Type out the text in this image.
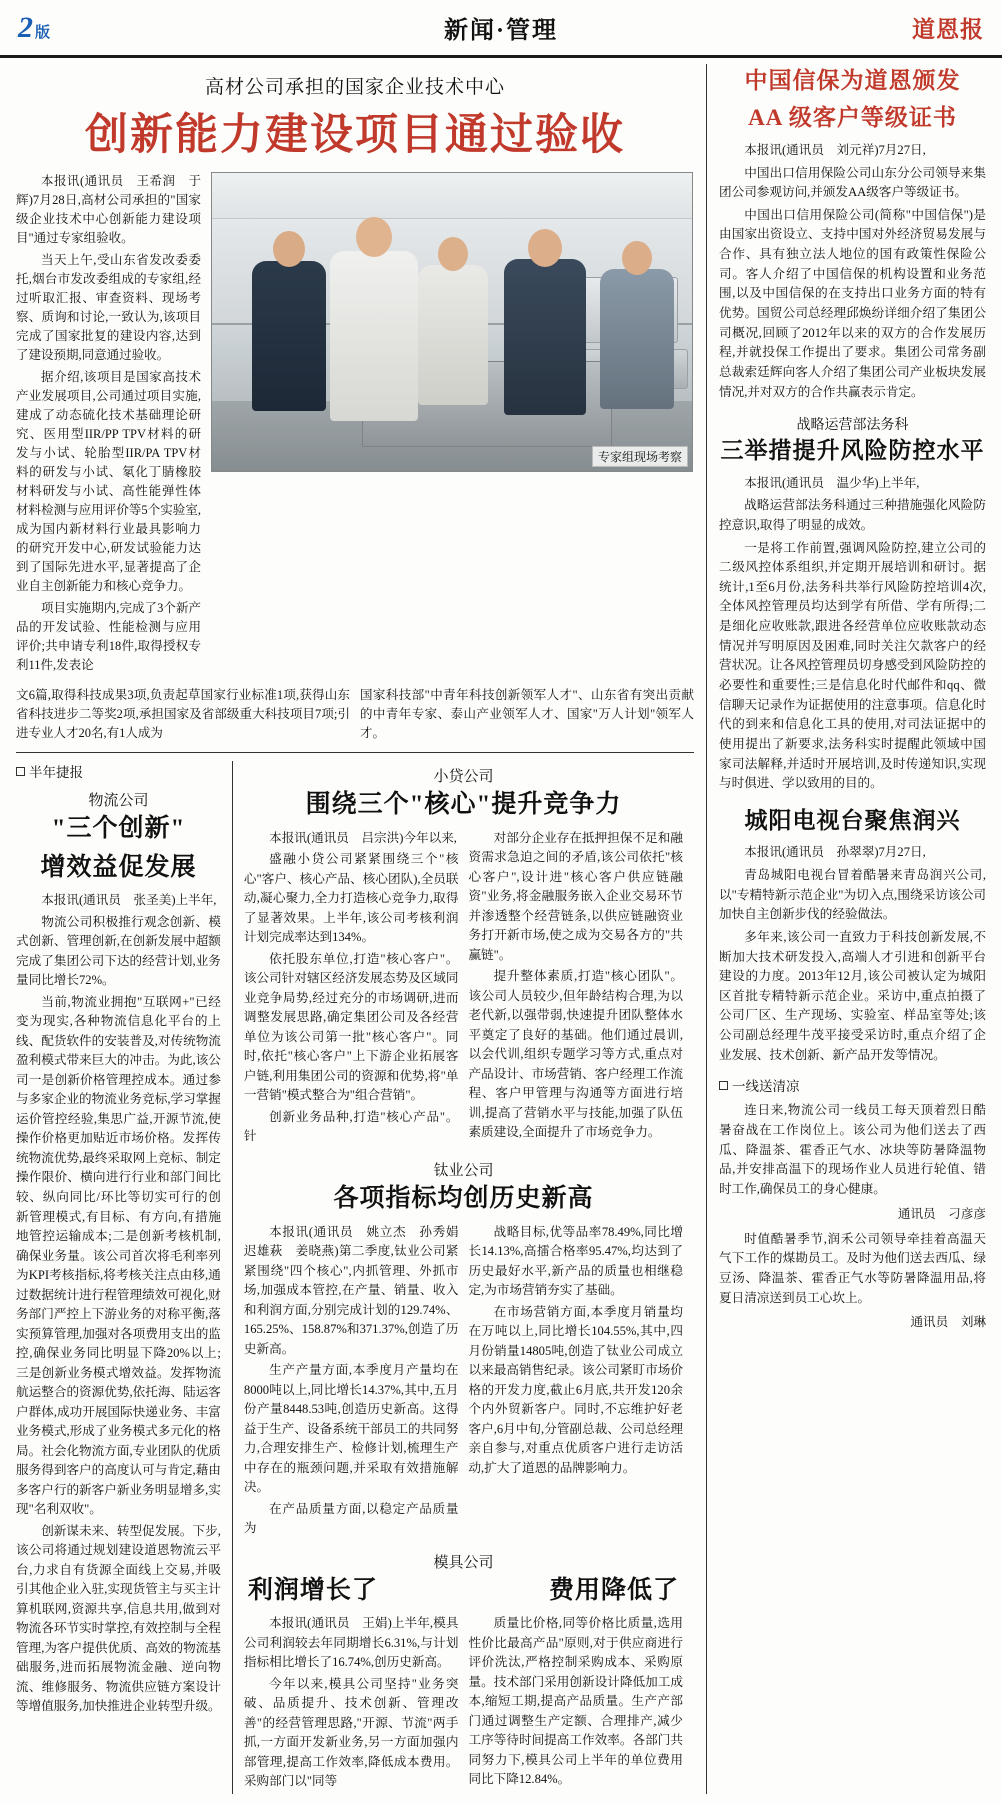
2 版	新闻·管理	道恩报
高材公司承担的国家企业技术中心
创新能力建设项目通过验收

本报讯(通讯员　王希润　于辉)7月28日,高材公司承担的"国家级企业技术中心创新能力建设项目"通过专家组验收。

当天上午,受山东省发改委委托,烟台市发改委组成的专家组,经过听取汇报、审查资料、现场考察、质询和讨论,一致认为,该项目完成了国家批复的建设内容,达到了建设预期,同意通过验收。

据介绍,该项目是国家高技术产业发展项目,公司通过项目实施,建成了动态硫化技术基础理论研究、医用型IIR/PP TPV材料的研发与小试、轮胎型IIR/PA TPV材料的研发与小试、氡化丁腈橡胶材料研发与小试、高性能弹性体材料检测与应用评价等5个实验室,成为国内新材料行业最具影响力的研究开发中心,研发试验能力达到了国际先进水平,显著提高了企业自主创新能力和核心竞争力。

项目实施期内,完成了3个新产品的开发试验、性能检测与应用评价;共申请专利18件,取得授权专利11件,发表论

专家组现场考察

文6篇,取得科技成果3项,负责起草国家行业标准1项,获得山东省科技进步二等奖2项,承担国家及省部级重大科技项目7项;引进专业人才20名,有1人成为

国家科技部"中青年科技创新领军人才"、山东省有突出贡献的中青年专家、泰山产业领军人才、国家"万人计划"领军人才。

半年捷报
物流公司
"三个创新"
增效益促发展

本报讯(通讯员　张圣美)上半年,

物流公司积极推行观念创新、模式创新、管理创新,在创新发展中超额完成了集团公司下达的经营计划,业务量同比增长72%。

当前,物流业拥抱"互联网+"已经变为现实,各种物流信息化平台的上线、配货软件的安装普及,对传统物流盈利模式带来巨大的冲击。为此,该公司一是创新价格管理控成本。通过参与多家企业的物流业务竞标,学习掌握运价管控经验,集思广益,开源节流,使操作价格更加贴近市场价格。发挥传统物流优势,最终采取网上竞标、制定操作限价、横向进行行业和部门间比较、纵向同比/环比等切实可行的创新管理模式,有目标、有方向,有措施地管控运输成本;二是创新考核机制,确保业务量。该公司首次将毛利率列为KPI考核指标,将考核关注点由移,通过数据统计进行程管理绩效可视化,财务部门严控上下游业务的对称平衡,落实预算管理,加强对各项费用支出的监控,确保业务同比明显下降20%以上;三是创新业务模式增效益。发挥物流航运整合的资源优势,依托海、陆运客户群体,成功开展国际快递业务、丰富业务模式,形成了业务模式多元化的格局。社会化物流方面,专业团队的优质服务得到客户的高度认可与肯定,藉由多客户行的新客户新业务明显增多,实现"名利双收"。

创新谋未来、转型促发展。下步,该公司将通过规划建设道恩物流云平台,力求自有货源全面线上交易,并吸引其他企业入驻,实现货管主与买主计算机联网,资源共享,信息共用,做到对物流各环节实时掌控,有效控制与全程管理,为客户提供优质、高效的物流基础服务,进而拓展物流金融、逆向物流、维修服务、物流供应链方案设计等增值服务,加快推进企业转型升级。

小贷公司
围绕三个"核心"提升竞争力

本报讯(通讯员　吕宗洪)今年以来,

盛融小贷公司紧紧围绕三个"核心"客户、核心产品、核心团队),全员联动,凝心聚力,全力打造核心竞争力,取得了显著效果。上半年,该公司考核利润计划完成率达到134%。

依托股东单位,打造"核心客户"。该公司针对辖区经济发展态势及区域同业竞争局势,经过充分的市场调研,进而调整发展思路,确定集团公司及各经营单位为该公司第一批"核心客户"。同时,依托"核心客户"上下游企业拓展客户链,利用集团公司的资源和优势,将"单一营销"模式整合为"组合营销"。

创新业务品种,打造"核心产品"。针

对部分企业存在抵押担保不足和融资需求急迫之间的矛盾,该公司依托"核心客户",设计进"核心客户供应链融资"业务,将金融服务嵌入企业交易环节并渗透整个经营链条,以供应链融资业务打开新市场,使之成为交易各方的"共赢链"。

提升整体素质,打造"核心团队"。该公司人员较少,但年龄结构合理,为以老代新,以强带弱,快速提升团队整体水平奠定了良好的基础。他们通过晨训,以会代训,组织专题学习等方式,重点对产品设计、市场营销、客户经理工作流程、客户甲管理与沟通等方面进行培训,提高了营销水平与技能,加强了队伍素质建设,全面提升了市场竞争力。

钛业公司
各项指标均创历史新高

本报讯(通讯员　姚立杰　孙秀娟　迟雄萩　姜晓燕)第二季度,钛业公司紧紧围绕"四个核心",内抓管理、外抓市场,加强成本管控,在产量、销量、收入和利润方面,分别完成计划的129.74%、165.25%、158.87%和371.37%,创造了历史新高。

生产产量方面,本季度月产量均在8000吨以上,同比增长14.37%,其中,五月份产量8448.53吨,创造历史新高。这得益于生产、设备系统干部员工的共同努力,合理安排生产、检修计划,梳理生产中存在的瓶颈问题,并采取有效措施解决。

在产品质量方面,以稳定产品质量为

战略目标,优等品率78.49%,同比增长14.13%,高擂合格率95.47%,均达到了历史最好水平,新产品的质量也相继稳定,为市场营销夯实了基础。

在市场营销方面,本季度月销量均在万吨以上,同比增长104.55%,其中,四月份销量14805吨,创造了钛业公司成立以来最高销售纪录。该公司紧盯市场价格的开发力度,截止6月底,共开发120余个内外贸新客户。同时,不忘维护好老客户,6月中旬,分管副总裁、公司总经理亲自参与,对重点优质客户进行走访活动,扩大了道恩的品牌影响力。

模具公司
利润增长了	费用降低了

本报讯(通讯员　王娟)上半年,模具公司利润较去年同期增长6.31%,与计划指标相比增长了16.74%,创历史新高。

今年以来,模具公司坚持"业务突破、品质提升、技术创新、管理改善"的经营管理思路,"开源、节流"两手抓,一方面开发新业务,另一方面加强内部管理,提高工作效率,降低成本费用。采购部门以"同等

质量比价格,同等价格比质量,选用性价比最高产品"原则,对于供应商进行评价洗汰,严格控制采购成本、采购原量。技术部门采用创新设计降低加工成本,缩短工期,提高产品质量。生产产部门通过调整生产定额、合理排产,减少工序等待时间提高工作效率。各部门共同努力下,模具公司上半年的单位费用同比下降12.84%。

中国信保为道恩颁发
AA 级客户等级证书

本报讯(通讯员　刘元祥)7月27日,

中国出口信用保险公司山东分公司领导来集团公司参观访问,并颁发AA级客户等级证书。

中国出口信用保险公司(简称"中国信保")是由国家出资设立、支持中国对外经济贸易发展与合作、具有独立法人地位的国有政策性保险公司。客人介绍了中国信保的机构设置和业务范围,以及中国信保的在支持出口业务方面的特有优势。国贸公司总经理邱焕纷详细介绍了集团公司概况,回顾了2012年以来的双方的合作发展历程,并就投保工作提出了要求。集团公司常务副总裁索廷辉向客人介绍了集团公司产业板块发展情况,并对双方的合作共赢表示肯定。

战略运营部法务科
三举措提升风险防控水平

本报讯(通讯员　温少华)上半年,

战略运营部法务科通过三种措施强化风险防控意识,取得了明显的成效。

一是将工作前置,强调风险防控,建立公司的二级风控体系组织,并定期开展培训和研讨。据统计,1至6月份,法务科共举行风险防控培训4次,全体风控管理员均达到学有所借、学有所得;二是细化应收账款,跟进各经营单位应收账款动态情况并写明原因及困难,同时关注欠款客户的经营状况。让各风控管理员切身感受到风险防控的必要性和重要性;三是信息化时代邮件和qq、微信聊天记录作为证据使用的注意事项。信息化时代的到来和信息化工具的使用,对司法证据中的使用提出了新要求,法务科实时提醒此领域中国家司法解释,并适时开展培训,及时传递知识,实现与时俱进、学以致用的目的。

城阳电视台聚焦润兴

本报讯(通讯员　孙翠翠)7月27日,

青岛城阳电视台冒着酷暑来青岛润兴公司,以"专精特新示范企业"为切入点,围绕采访该公司加快自主创新步伐的经验做法。

多年来,该公司一直致力于科技创新发展,不断加大技术研发投入,高端人才引进和创新平台建设的力度。2013年12月,该公司被认定为城阳区首批专精特新示范企业。采访中,重点拍摄了公司厂区、生产现场、实验室、样品室等处;该公司副总经理牛茂平接受采访时,重点介绍了企业发展、技术创新、新产品开发等情况。

一线送清凉

连日来,物流公司一线员工每天顶着烈日酷暑奋战在工作岗位上。该公司为他们送去了西瓜、降温茶、霍香正气水、冰块等防暑降温物品,并安排高温下的现场作业人员进行轮值、错时工作,确保员工的身心健康。

通讯员　刁彦彦

时值酷暑季节,润禾公司领导牵挂着高温天气下工作的煤勘员工。及时为他们送去西瓜、绿豆汤、降温茶、霍香正气水等防暑降温用品,将夏日清凉送到员工心坎上。

通讯员　刘琳
